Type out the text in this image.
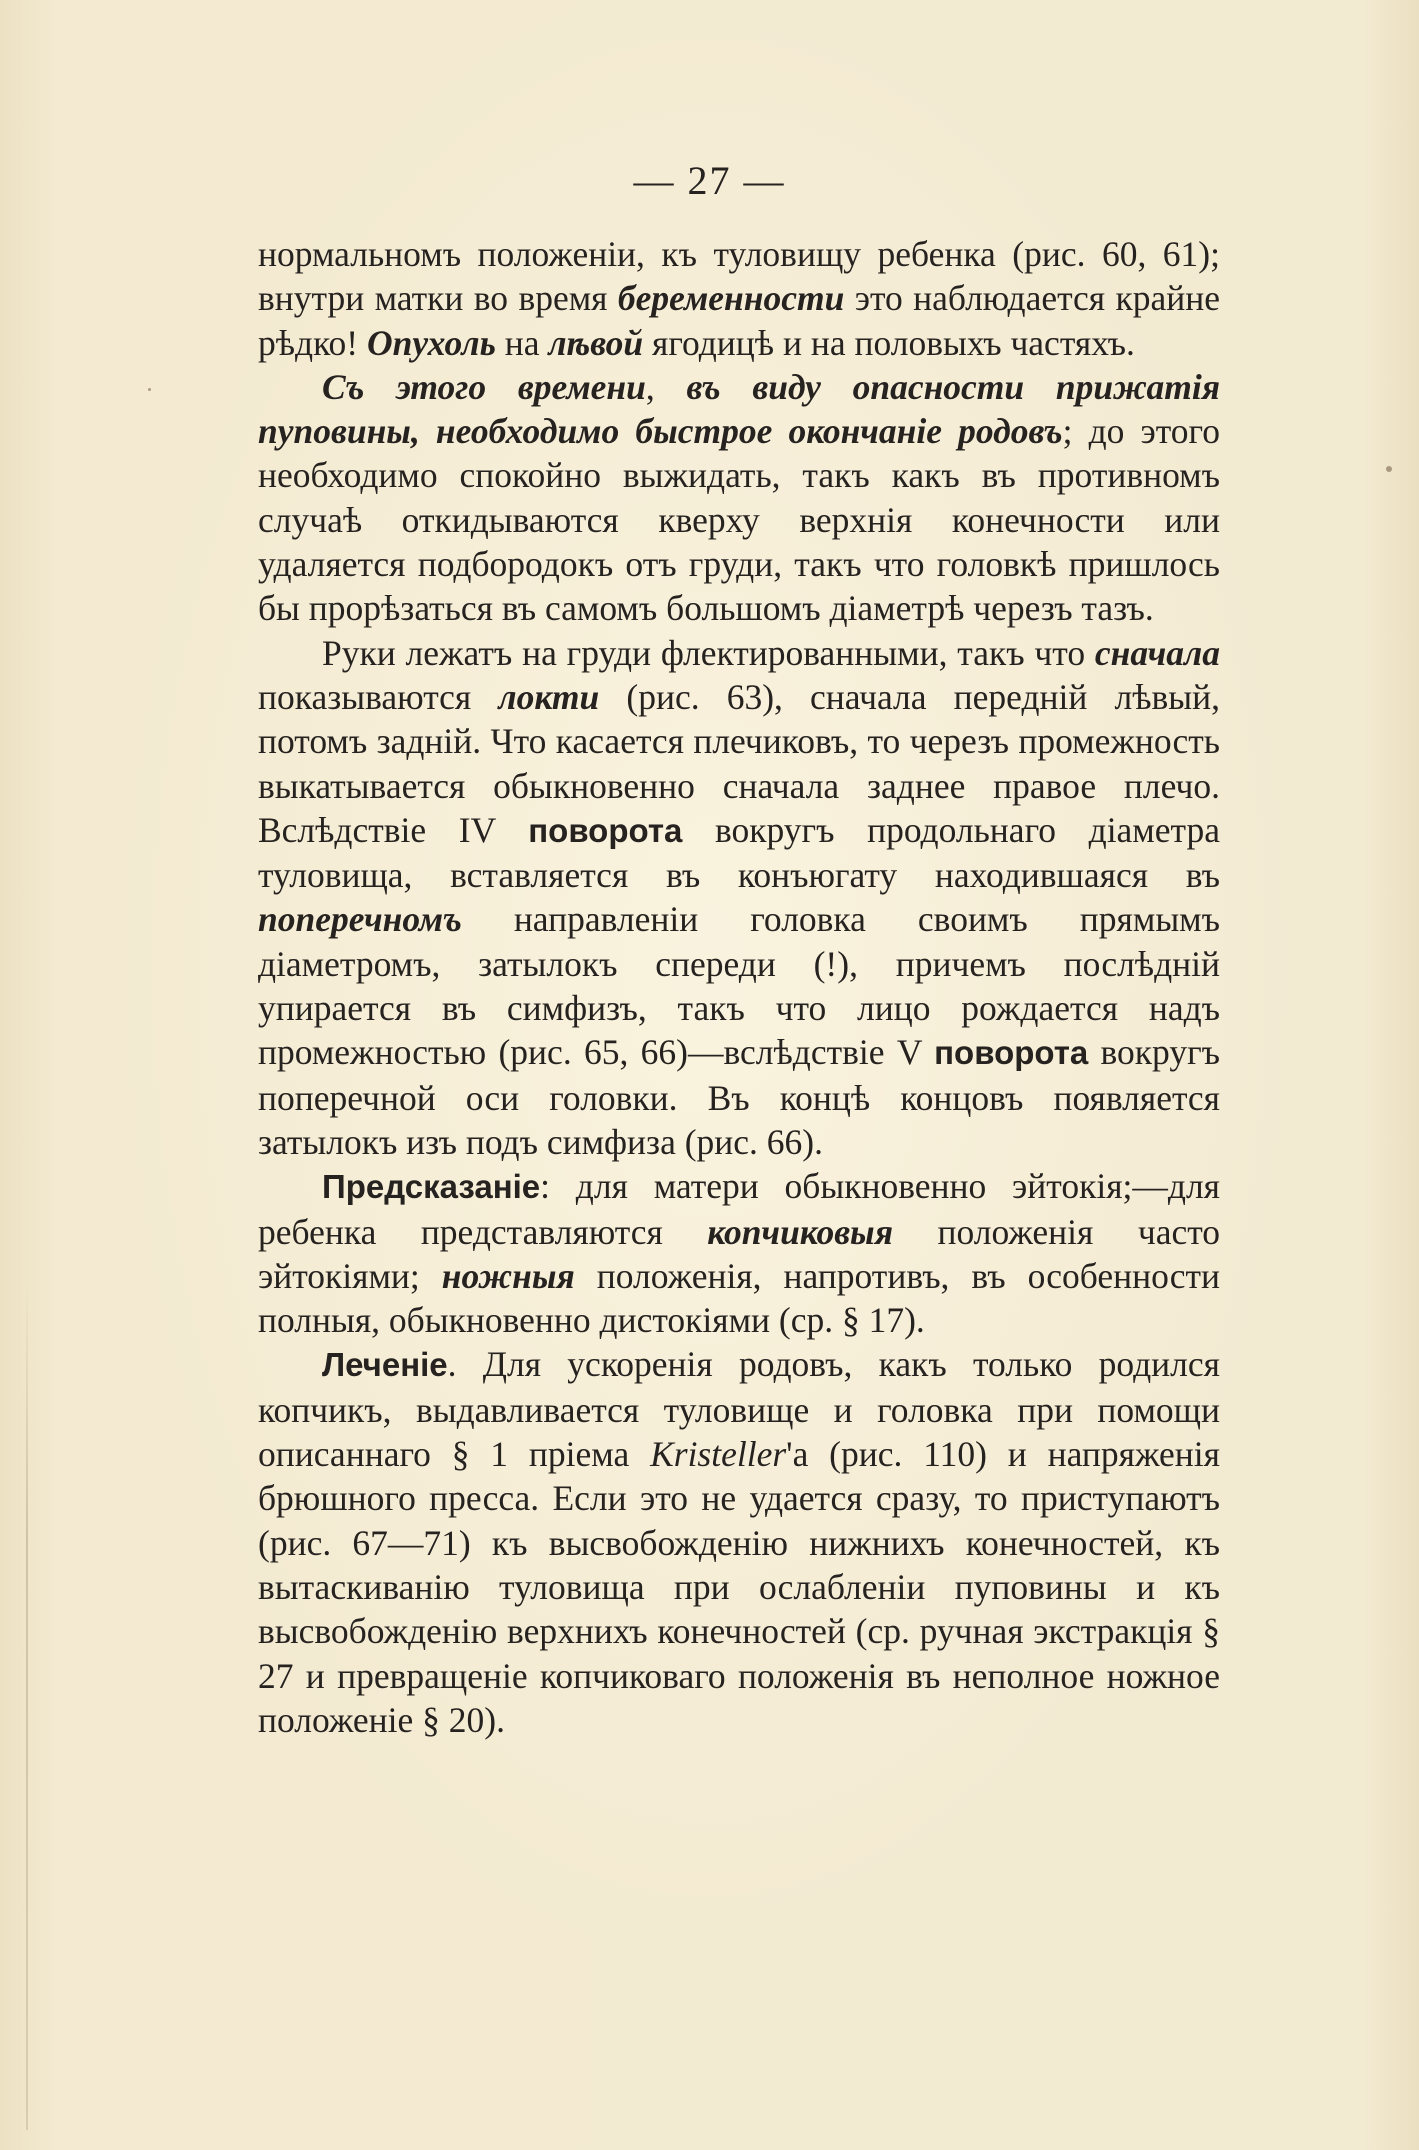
— 27 —

нормальномъ положеніи, къ туловищу ребенка (рис. 60, 61); внутри матки во время беременности это наблюдается крайне рѣдко! Опухоль на лѣвой ягодицѣ и на половыхъ частяхъ.

Съ этого времени, въ виду опасности прижатія пуповины, необходимо быстрое окончаніе родовъ; до этого необходимо спокойно выжидать, такъ какъ въ противномъ случаѣ откидываются кверху верхнія конечности или удаляется подбородокъ отъ груди, такъ что головкѣ пришлось бы прорѣзаться въ самомъ большомъ діаметрѣ черезъ тазъ.

Руки лежатъ на груди флектированными, такъ что сначала показываются локти (рис. 63), сначала передній лѣвый, потомъ задній. Что касается плечиковъ, то черезъ промежность выкатывается обыкновенно сначала заднее правое плечо. Вслѣдствіе IV поворота вокругъ продольнаго діаметра туловища, вставляется въ конъюгату находившаяся въ поперечномъ направленіи головка своимъ прямымъ діаметромъ, затылокъ спереди (!), причемъ послѣдній упирается въ симфизъ, такъ что лицо рождается надъ промежностью (рис. 65, 66)—вслѣдствіе V поворота вокругъ поперечной оси головки. Въ концѣ концовъ появляется затылокъ изъ подъ симфиза (рис. 66).

Предсказаніе: для матери обыкновенно эйтокія;—для ребенка представляются копчиковыя положенія часто эйтокіями; ножныя положенія, напротивъ, въ особенности полныя, обыкновенно дистокіями (ср. § 17).

Леченіе. Для ускоренія родовъ, какъ только родился копчикъ, выдавливается туловище и головка при помощи описаннаго § 1 пріема Kristeller'а (рис. 110) и напряженія брюшного пресса. Если это не удается сразу, то приступаютъ (рис. 67—71) къ высвобожденію нижнихъ конечностей, къ вытаскиванію туловища при ослабленіи пуповины и къ высвобожденію верхнихъ конечностей (ср. ручная экстракція § 27 и превращеніе копчиковаго положенія въ неполное ножное положеніе § 20).
